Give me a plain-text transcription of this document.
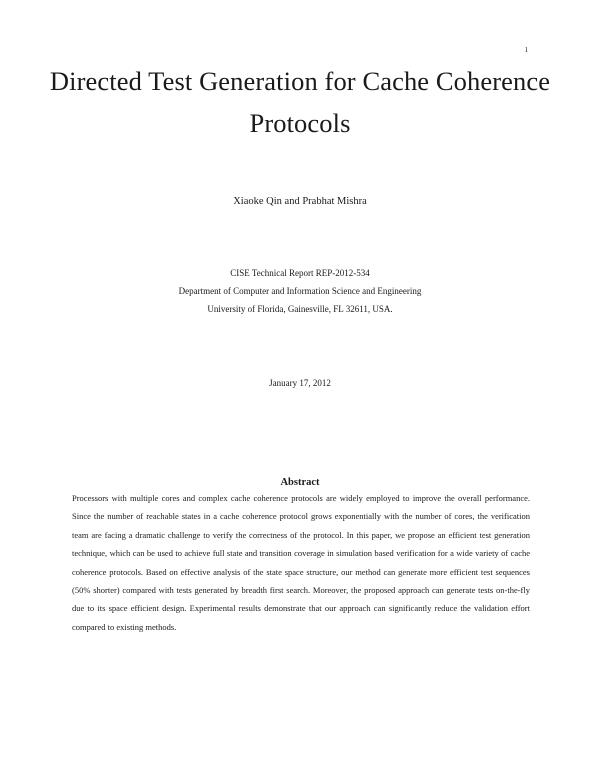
1
Directed Test Generation for Cache Coherence Protocols
Xiaoke Qin and Prabhat Mishra
CISE Technical Report REP-2012-534
Department of Computer and Information Science and Engineering
University of Florida, Gainesville, FL 32611, USA.
January 17, 2012
Abstract

Processors with multiple cores and complex cache coherence protocols are widely employed to improve the overall performance. Since the number of reachable states in a cache coherence protocol grows exponentially with the number of cores, the verification team are facing a dramatic challenge to verify the correctness of the protocol. In this paper, we propose an efficient test generation technique, which can be used to achieve full state and transition coverage in simulation based verification for a wide variety of cache coherence protocols. Based on effective analysis of the state space structure, our method can generate more efficient test sequences (50% shorter) compared with tests generated by breadth first search. Moreover, the proposed approach can generate tests on-the-fly due to its space efficient design. Experimental results demonstrate that our approach can significantly reduce the validation effort compared to existing methods.
